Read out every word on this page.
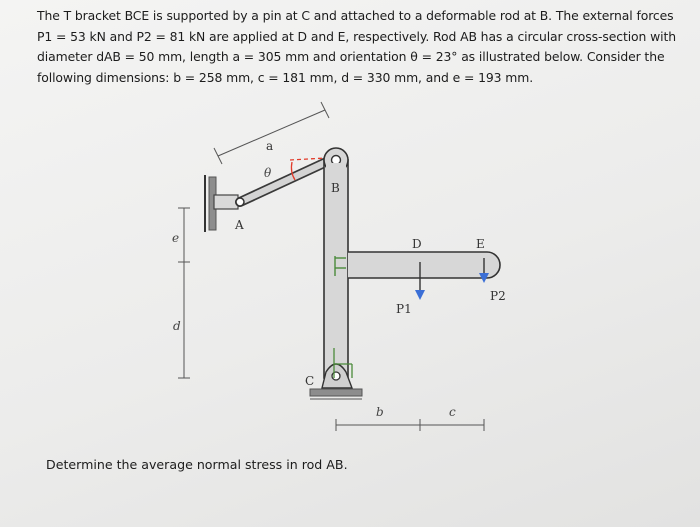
The T bracket BCE is supported by a pin at C and attached to a deformable rod at B. The external forces

P1 = 53 kN and P2 = 81 kN are applied at D and E, respectively. Rod AB has a circular cross-section with

diameter dAB = 50 mm, length a = 305 mm and orientation θ = 23° as illustrated below. Consider the

following dimensions: b = 258 mm, c = 181 mm, d = 330 mm, and e = 193 mm.

a
θ
A
B
C
D	E
P1
P2
b	c
d
e
Determine the average normal stress in rod AB.
